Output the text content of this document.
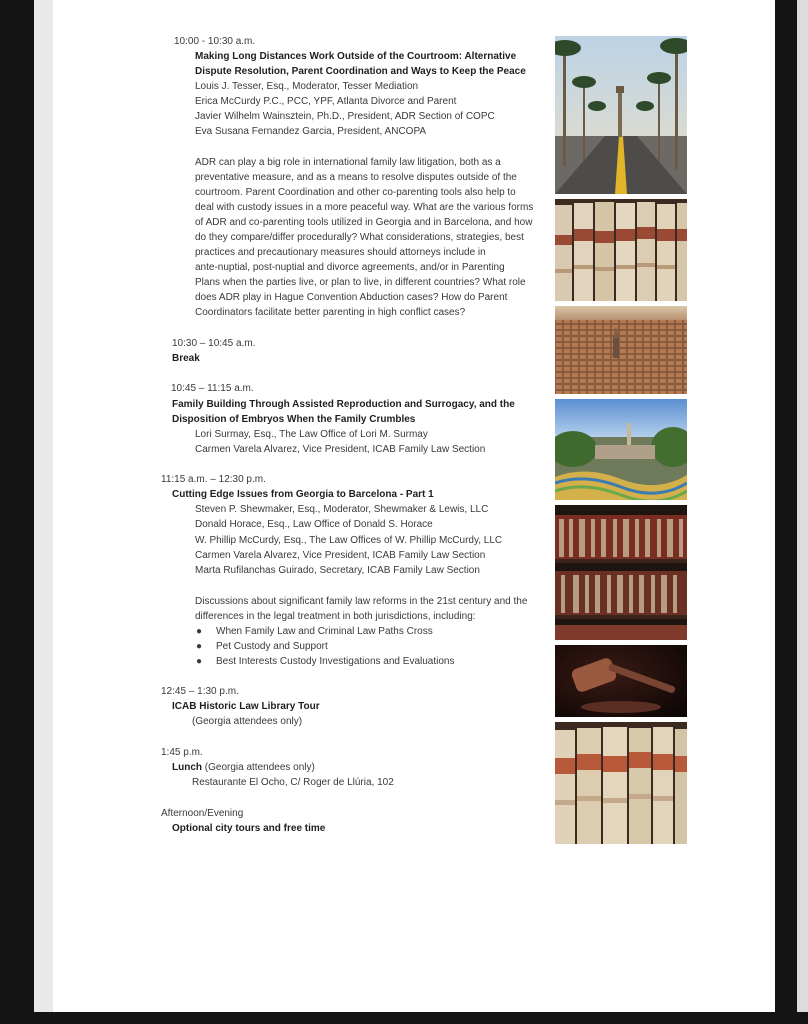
10:00 - 10:30 a.m.
Making Long Distances Work Outside of the Courtroom: Alternative
Dispute Resolution, Parent Coordination and Ways to Keep the Peace
Louis J. Tesser, Esq., Moderator, Tesser Mediation
Erica McCurdy P.C., PCC, YPF, Atlanta Divorce and Parent
Javier Wilhelm Wainsztein, Ph.D., President, ADR Section of COPC
Eva Susana Fernandez Garcia, President, ANCOPA
ADR can play a big role in international family law litigation, both as a
preventative measure, and as a means to resolve disputes outside of the
courtroom. Parent Coordination and other co-parenting tools also help to
deal with custody issues in a more peaceful way. What are the various forms
of ADR and co-parenting tools utilized in Georgia and in Barcelona, and how
do they compare/differ procedurally? What considerations, strategies, best
practices and precautionary measures should attorneys include in
ante-nuptial, post-nuptial and divorce agreements, and/or in Parenting
Plans when the parties live, or plan to live, in different countries? What role
does ADR play in Hague Convention Abduction cases? How do Parent
Coordinators facilitate better parenting in high conflict cases?
10:30 – 10:45 a.m.
Break
10:45 – 11:15 a.m.
Family Building Through Assisted Reproduction and Surrogacy, and the
Disposition of Embryos When the Family Crumbles
Lori Surmay, Esq., The Law Office of Lori M. Surmay
Carmen Varela Alvarez, Vice President, ICAB Family Law Section
11:15 a.m. – 12:30 p.m.
Cutting Edge Issues from Georgia to Barcelona - Part 1
Steven P. Shewmaker, Esq., Moderator, Shewmaker & Lewis, LLC
Donald Horace, Esq., Law Office of Donald S. Horace
W. Phillip McCurdy, Esq., The Law Offices of W. Phillip McCurdy, LLC
Carmen Varela Alvarez, Vice President, ICAB Family Law Section
Marta Rufilanchas Guirado, Secretary, ICAB Family Law Section
Discussions about significant family law reforms in the 21st century and the
differences in the legal treatment in both jurisdictions, including:
● When Family Law and Criminal Law Paths Cross
● Pet Custody and Support
● Best Interests Custody Investigations and Evaluations
12:45 – 1:30 p.m.
ICAB Historic Law Library Tour
(Georgia attendees only)
1:45 p.m.
Lunch (Georgia attendees only)
Restaurante El Ocho, C/ Roger de Llúria, 102
Afternoon/Evening
Optional city tours and free time
